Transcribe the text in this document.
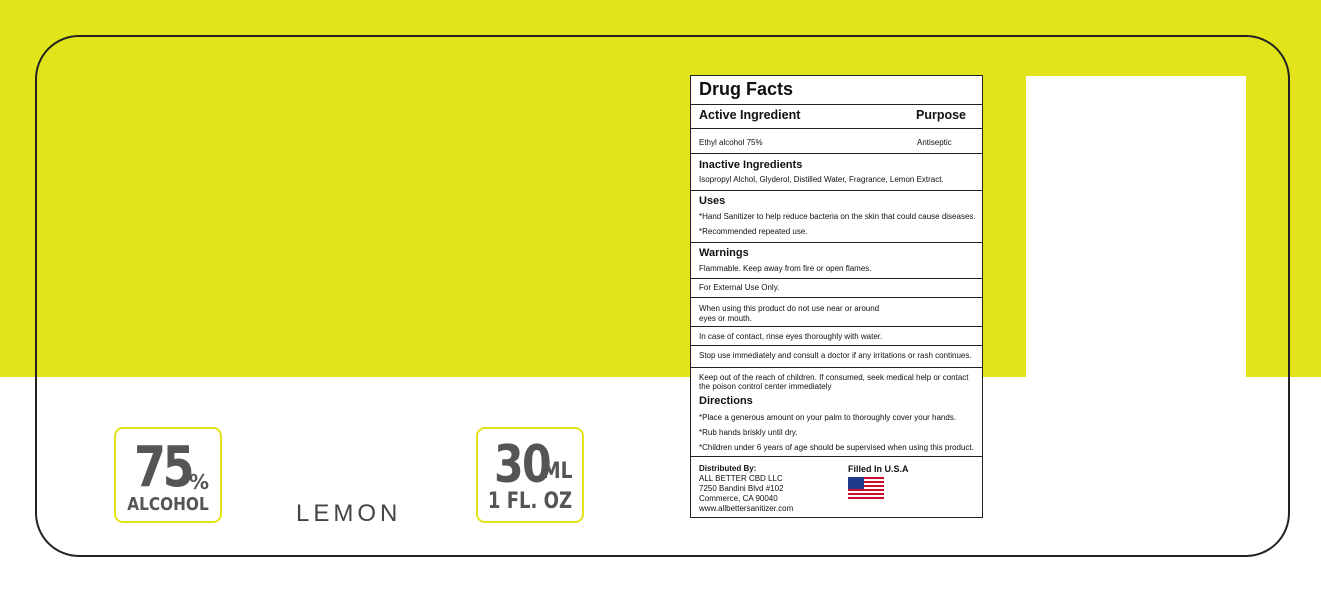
75
%
ALCOHOL	LEMON
30
ML
1 FL. OZ
Drug Facts
Active Ingredient	Purpose
Ethyl alcohol 75%	Antiseptic
Inactive Ingredients
Isopropyl Alchol, Glyderol, Distilled Water, Fragrance, Lemon Extract.
Uses
*Hand Sanitizer to help reduce bacteria on the skin that could cause diseases.
*Recommended repeated use.
Warnings
Flammable. Keep away from fire or open flames.
For External Use Only.
When using this product do not use near or around
eyes or mouth.
In case of contact, rinse eyes thoroughly with water.
Stop use immediately and consult a doctor if any irritations or rash continues.
Keep out of the reach of children. If consumed, seek medical help or contact
the poison control center immediately
Directions
*Place a generous amount on your palm to thoroughly cover your hands.
*Rub hands briskly until dry.
*Children under 6 years of age should be supervised when using this product.
Distributed By:
ALL BETTER CBD LLC
7250 Bandini Blvd #102
Commerce, CA 90040
www.allbettersanitizer.com
Filled In U.S.A
